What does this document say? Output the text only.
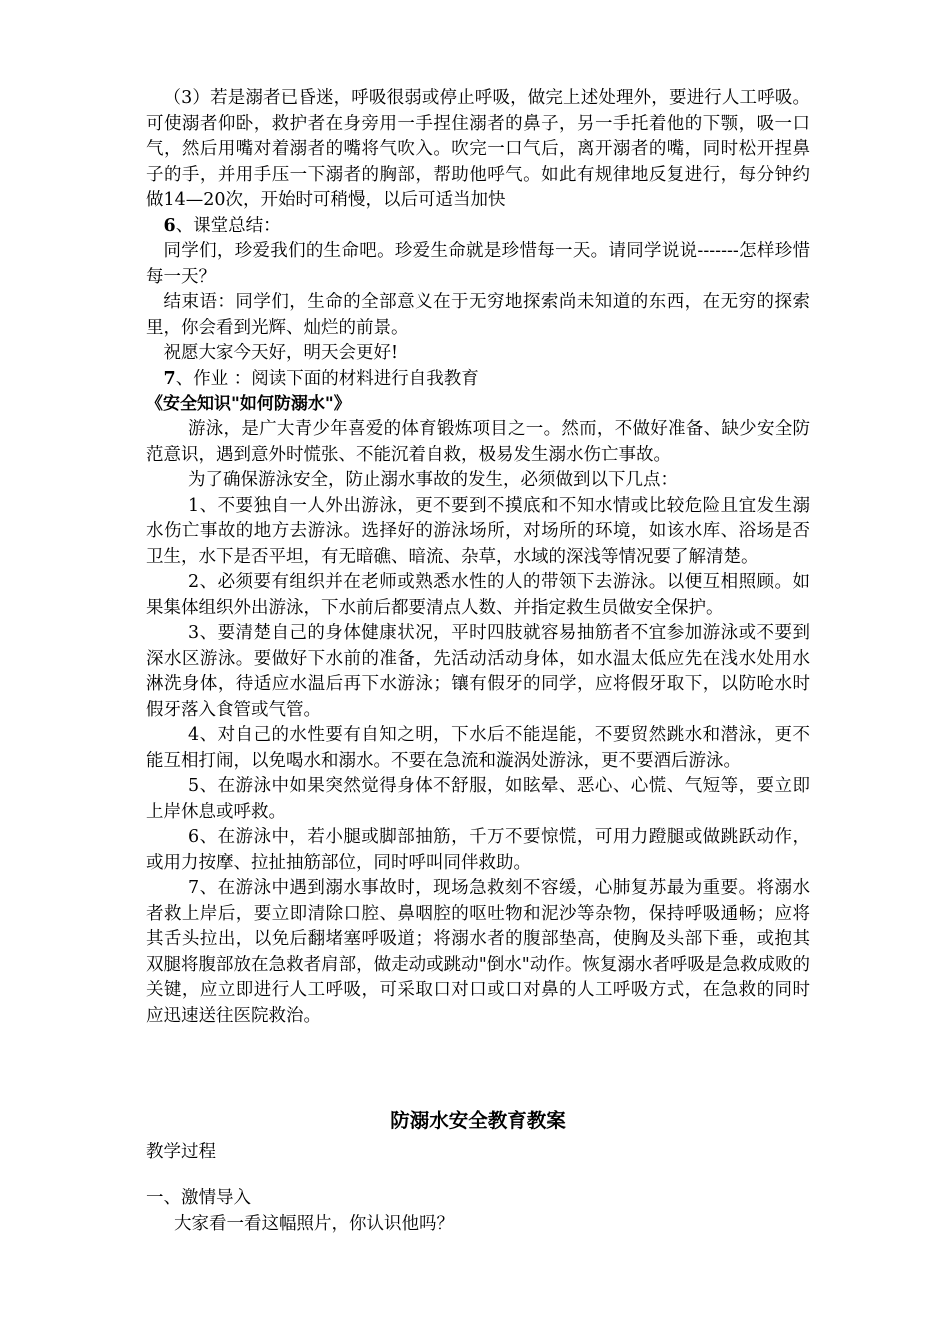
（3）若是溺者已昏迷，呼吸很弱或停止呼吸，做完上述处理外，要进行人工呼吸。可使溺者仰卧，救护者在身旁用一手捏住溺者的鼻子，另一手托着他的下颚，吸一口气，然后用嘴对着溺者的嘴将气吹入。吹完一口气后，离开溺者的嘴，同时松开捏鼻子的手，并用手压一下溺者的胸部，帮助他呼气。如此有规律地反复进行，每分钟约做14—20次，开始时可稍慢，以后可适当加快

6、课堂总结：

同学们，珍爱我们的生命吧。珍爱生命就是珍惜每一天。请同学说说-------怎样珍惜每一天？

结束语：同学们，生命的全部意义在于无穷地探索尚未知道的东西，在无穷的探索里，你会看到光辉、灿烂的前景。

祝愿大家今天好，明天会更好!

7、作业 ：阅读下面的材料进行自我教育

《安全知识"如何防溺水"》

游泳，是广大青少年喜爱的体育锻炼项目之一。然而，不做好准备、缺少安全防范意识，遇到意外时慌张、不能沉着自救，极易发生溺水伤亡事故。

为了确保游泳安全，防止溺水事故的发生，必须做到以下几点：

1、不要独自一人外出游泳，更不要到不摸底和不知水情或比较危险且宜发生溺水伤亡事故的地方去游泳。选择好的游泳场所，对场所的环境，如该水库、浴场是否卫生，水下是否平坦，有无暗礁、暗流、杂草，水域的深浅等情况要了解清楚。

2、必须要有组织并在老师或熟悉水性的人的带领下去游泳。以便互相照顾。如果集体组织外出游泳，下水前后都要清点人数、并指定救生员做安全保护。

3、要清楚自己的身体健康状况，平时四肢就容易抽筋者不宜参加游泳或不要到深水区游泳。要做好下水前的准备，先活动活动身体，如水温太低应先在浅水处用水淋洗身体，待适应水温后再下水游泳；镶有假牙的同学，应将假牙取下，以防呛水时假牙落入食管或气管。

4、对自己的水性要有自知之明，下水后不能逞能，不要贸然跳水和潜泳，更不能互相打闹，以免喝水和溺水。不要在急流和漩涡处游泳，更不要酒后游泳。

5、在游泳中如果突然觉得身体不舒服，如眩晕、恶心、心慌、气短等，要立即上岸休息或呼救。

6、在游泳中，若小腿或脚部抽筋，千万不要惊慌，可用力蹬腿或做跳跃动作，或用力按摩、拉扯抽筋部位，同时呼叫同伴救助。

7、在游泳中遇到溺水事故时，现场急救刻不容缓，心肺复苏最为重要。将溺水者救上岸后，要立即清除口腔、鼻咽腔的呕吐物和泥沙等杂物，保持呼吸通畅；应将其舌头拉出，以免后翻堵塞呼吸道；将溺水者的腹部垫高，使胸及头部下垂，或抱其双腿将腹部放在急救者肩部，做走动或跳动"倒水"动作。恢复溺水者呼吸是急救成败的关键，应立即进行人工呼吸，可采取口对口或口对鼻的人工呼吸方式，在急救的同时应迅速送往医院救治。

防溺水安全教育教案

教学过程

一、激情导入

大家看一看这幅照片，你认识他吗？
